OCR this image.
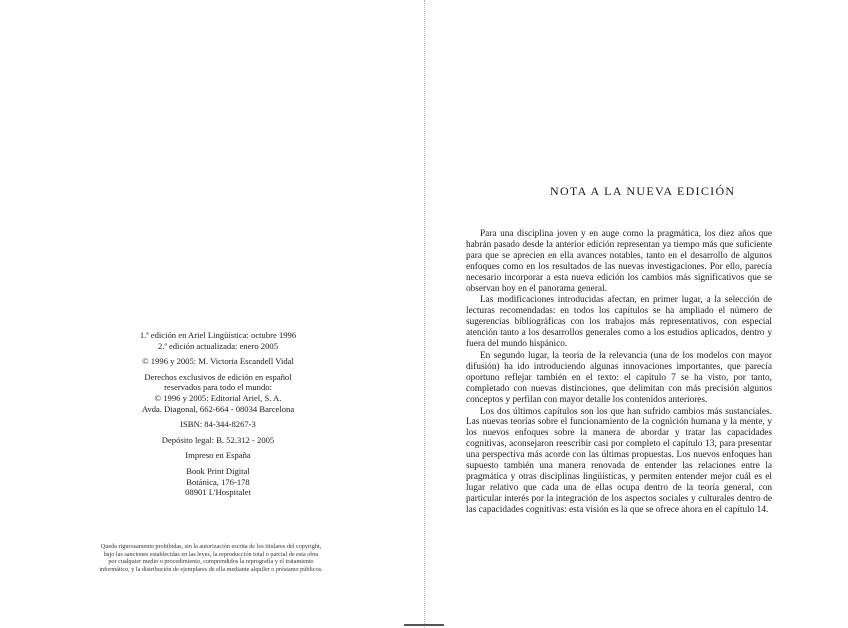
1.ª edición en Ariel Lingüística: octubre 1996
2.ª edición actualizada: enero 2005
© 1996 y 2005: M. Victoria Escandell Vidal
Derechos exclusivos de edición en español
reservados para todo el mundo:
© 1996 y 2005: Editorial Ariel, S. A.
Avda. Diagonal, 662-664 - 08034 Barcelona
ISBN: 84-344-8267-3
Depósito legal: B. 52.312 - 2005
Impreso en España
Book Print Digital
Botánica, 176-178
08901 L'Hospitalet
Queda rigurosamente prohibidas, sin la autorización escrita de los titulares del copyright,
bajo las sanciones establecidas en las leyes, la reproducción total o parcial de esta obra
por cualquier medio o procedimiento, comprendidos la reprografía y el tratamiento
informático, y la distribución de ejemplares de ella mediante alquiler o préstamo públicos.
NOTA A LA NUEVA EDICIÓN

Para una disciplina joven y en auge como la pragmática, los diez años que habrán pasado desde la anterior edición representan ya tiempo más que suficiente para que se aprecien en ella avances notables, tanto en el desarrollo de algunos enfoques como en los resultados de las nuevas investigaciones. Por ello, parecía necesario incorporar a esta nueva edición los cambios más significativos que se observan hoy en el panorama general.

Las modificaciones introducidas afectan, en primer lugar, a la selección de lecturas recomendadas: en todos los capítulos se ha ampliado el número de sugerencias bibliográficas con los trabajos más representativos, con especial atención tanto a los desarrollos generales como a los estudios aplicados, dentro y fuera del mundo hispánico.

En segundo lugar, la teoría de la relevancia (una de los modelos con mayor difusión) ha ido introduciendo algunas innovaciones importantes, que parecía oportuno reflejar también en el texto: el capítulo 7 se ha visto, por tanto, completado con nuevas distinciones, que delimitan con más precisión algunos conceptos y perfilan con mayor detalle los contenidos anteriores.

Los dos últimos capítulos son los que han sufrido cambios más sustanciales. Las nuevas teorías sobre el funcionamiento de la cognición humana y la mente, y los nuevos enfoques sobre la manera de abordar y tratar las capacidades cognitivas, aconsejaron reescribir casi por completo el capítulo 13, para presentar una perspectiva más acorde con las últimas propuestas. Los nuevos enfoques han supuesto también una manera renovada de entender las relaciones entre la pragmática y otras disciplinas lingüísticas, y permiten entender mejor cuál es el lugar relativo que cada una de ellas ocupa dentro de la teoría general, con particular interés por la integración de los aspectos sociales y culturales dentro de las capacidades cognitivas: esta visión es la que se ofrece ahora en el capítulo 14.
